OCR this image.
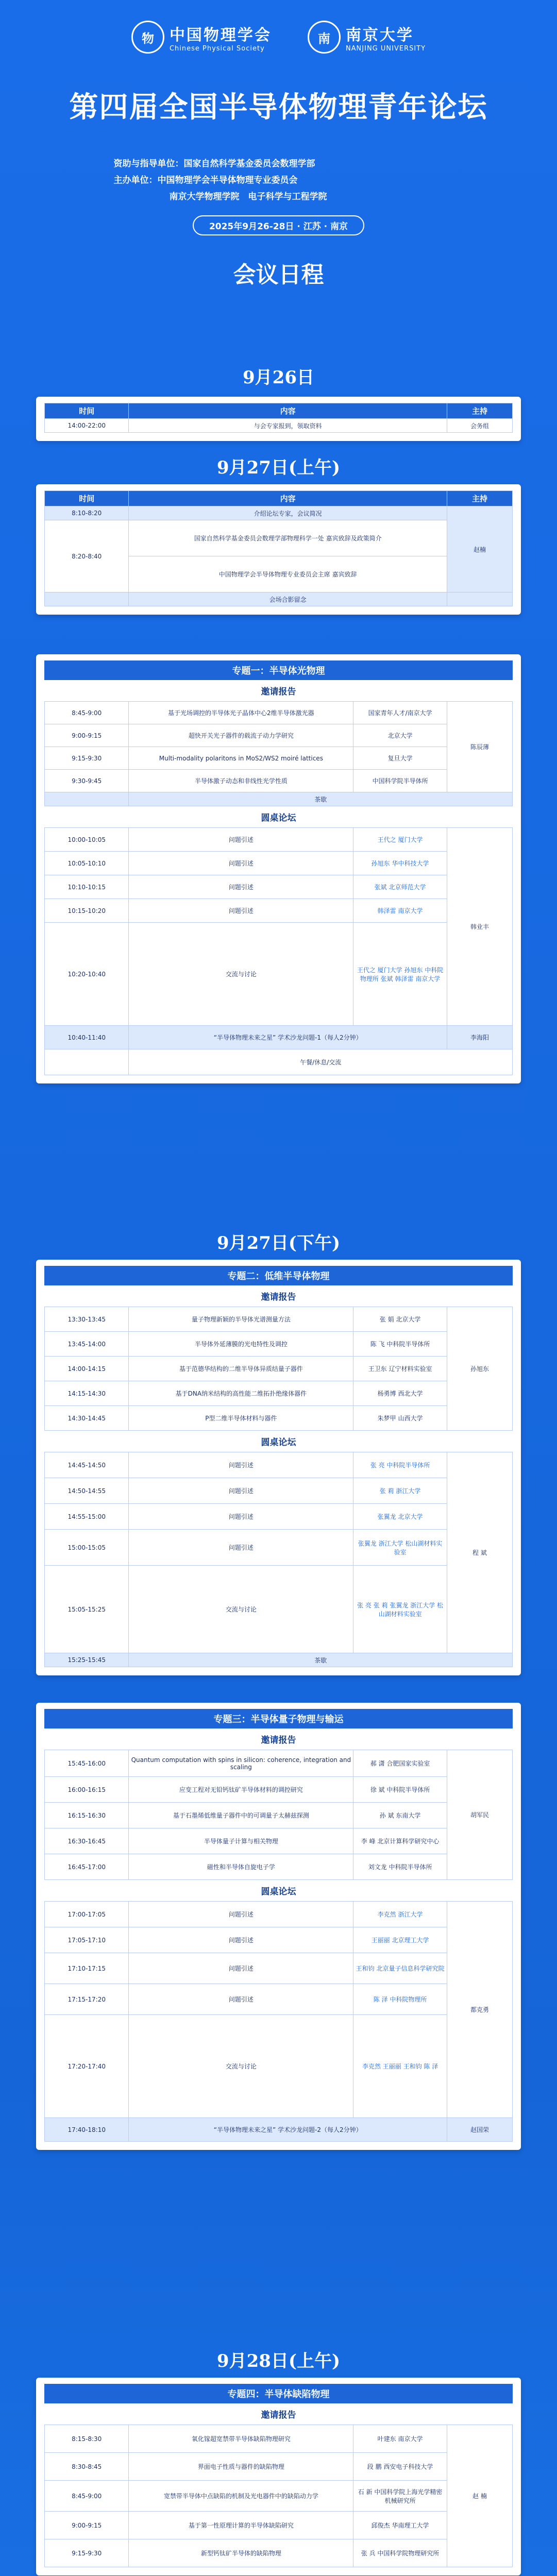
物	中国物理学会
Chinese Physical Society
南	南京大学
NANJING UNIVERSITY
第四届全国半导体物理青年论坛
资助与指导单位：国家自然科学基金委员会数理学部
主办单位：中国物理学会半导体物理专业委员会
南京大学物理学院　电子科学与工程学院
2025年9月26-28日 · 江苏 · 南京
会议日程
9月26日
时间	内容	主持
14:00-22:00	与会专家报到，领取资料	会务组
9月27日(上午)
时间	内容	主持
8:10-8:20	介绍论坛专家，会议简况	赵楠
8:20-8:40	国家自然科学基金委员会数理学部物理科学一处 嘉宾致辞及政策简介	
	中国物理学会半导体物理专业委员会主席 嘉宾致辞	
	会场合影留念	
专题一：半导体光物理
邀请报告
8:45-9:00	基于光场调控的半导体光子晶体中心2维半导体激光器	国家青年人才/南京大学	陈辰薄
9:00-9:15	超快开关光子器件的载流子动力学研究	北京大学	
9:15-9:30	Multi-modality polaritons in MoS2/WS2 moiré lattices	复旦大学	
9:30-9:45	半导体激子动态和非线性光学性质	中国科学院半导体所	
	茶歇		
圆桌论坛
10:00-10:05	问题引述	王代之 厦门大学	韩业丰
10:05-10:10	问题引述	孙旭东 华中科技大学	
10:10-10:15	问题引述	张斌 北京师范大学	
10:15-10:20	问题引述	韩泽雷 南京大学	
10:20-10:40	交流与讨论	王代之 厦门大学 孙旭东 中科院物理所 张斌 韩泽雷 南京大学	
10:40-11:40	“半导体物理未来之星” 学术沙龙问题-1（每人2分钟）		李海阳
	午餐/休息/交流		
9月27日(下午)
专题二：低维半导体物理
邀请报告
13:30-13:45	量子物理新颖的半导体光谱测量方法	张 娟 北京大学	孙旭东
13:45-14:00	半导体外延薄膜的光电特性及调控	陈 飞 中科院半导体所	
14:00-14:15	基于范德华结构的二维半导体异质结量子器件	王卫东 辽宁材料实验室	
14:15-14:30	基于DNA纳米结构的高性能二维拓扑绝缘体器件	杨勇博 西北大学	
14:30-14:45	P型二维半导体材料与器件	朱梦甲 山西大学	
圆桌论坛
14:45-14:50	问题引述	张 亮 中科院半导体所	程 斌
14:50-14:55	问题引述	张 莉 浙江大学	
14:55-15:00	问题引述	张翼龙 北京大学	
15:00-15:05	问题引述	张翼龙 浙江大学 松山湖材料实验室	
15:05-15:25	交流与讨论	张 亮 张 莉 张翼龙 浙江大学 松山湖材料实验室	
15:25-15:45	茶歇		
专题三：半导体量子物理与输运
邀请报告
15:45-16:00	Quantum computation with spins in silicon: coherence, integration and scaling	郝 潇 合肥国家实验室	胡军民
16:00-16:15	应变工程对无铅钙钛矿半导体材料的调控研究	徐 斌 中科院半导体所	
16:15-16:30	基于石墨烯低维量子器件中的可调量子太赫兹探测	孙 斌 东南大学	
16:30-16:45	半导体量子计算与相关物理	李 峰 北京计算科学研究中心	
16:45-17:00	磁性和半导体自旋电子学	刘文龙 中科院半导体所	
圆桌论坛
17:00-17:05	问题引述	李克然 浙江大学	都克勇
17:05-17:10	问题引述	王丽丽 北京理工大学	
17:10-17:15	问题引述	王和钧 北京量子信息科学研究院	
17:15-17:20	问题引述	陈 泽 中科院物理所	
17:20-17:40	交流与讨论	李克然 王丽丽 王和钧 陈 泽	
17:40-18:10	“半导体物理未来之星” 学术沙龙问题-2（每人2分钟）		赵国荣
9月28日(上午)
专题四：半导体缺陷物理
邀请报告
8:15-8:30	氧化镓超宽禁带半导体缺陷物理研究	叶建东 南京大学	赵 楠
8:30-8:45	界面电子性质与器件的缺陷物理	段 鹏 西安电子科技大学	
8:45-9:00	宽禁带半导体中点缺陷的机制及光电器件中的缺陷动力学	石 新 中国科学院上海光学精密机械研究所	
9:00-9:15	基于第一性原理计算的半导体缺陷研究	邱俊杰 华南理工大学	
9:15-9:30	新型钙钛矿半导体的缺陷物理	张 兵 中国科学院物理研究所	
